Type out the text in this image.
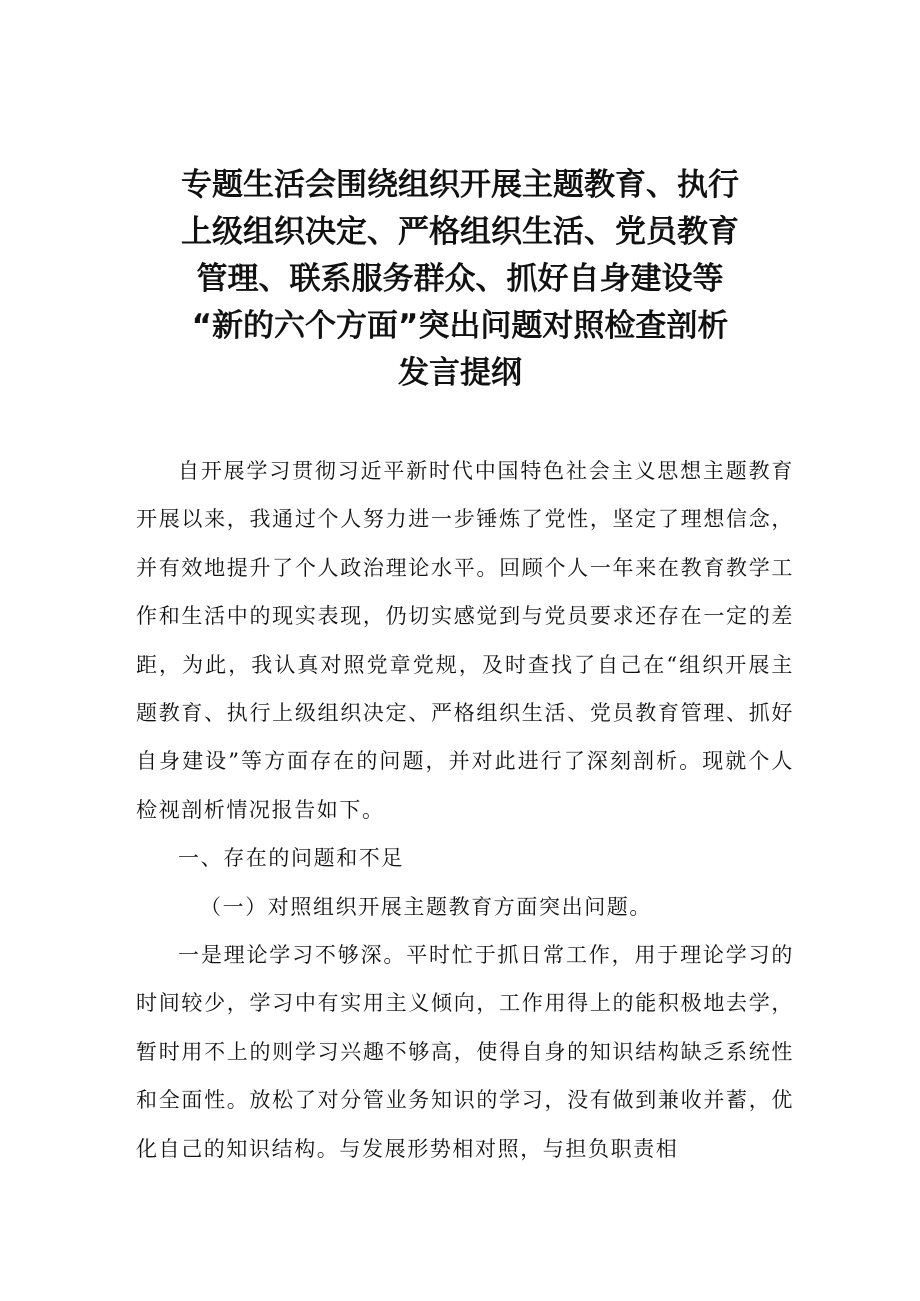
专题生活会围绕组织开展主题教育、执行
上级组织决定、严格组织生活、党员教育
管理、联系服务群众、抓好自身建设等
“新的六个方面”突出问题对照检查剖析
发言提纲

自开展学习贯彻习近平新时代中国特色社会主义思想主题教育开展以来，我通过个人努力进一步锤炼了党性，坚定了理想信念，并有效地提升了个人政治理论水平。回顾个人一年来在教育教学工作和生活中的现实表现，仍切实感觉到与党员要求还存在一定的差距，为此，我认真对照党章党规，及时查找了自己在“组织开展主题教育、执行上级组织决定、严格组织生活、党员教育管理、抓好自身建设”等方面存在的问题，并对此进行了深刻剖析。现就个人检视剖析情况报告如下。

一、存在的问题和不足

（一）对照组织开展主题教育方面突出问题。

一是理论学习不够深。平时忙于抓日常工作，用于理论学习的时间较少，学习中有实用主义倾向，工作用得上的能积极地去学，暂时用不上的则学习兴趣不够高，使得自身的知识结构缺乏系统性和全面性。放松了对分管业务知识的学习，没有做到兼收并蓄，优化自己的知识结构。与发展形势相对照，与担负职责相
